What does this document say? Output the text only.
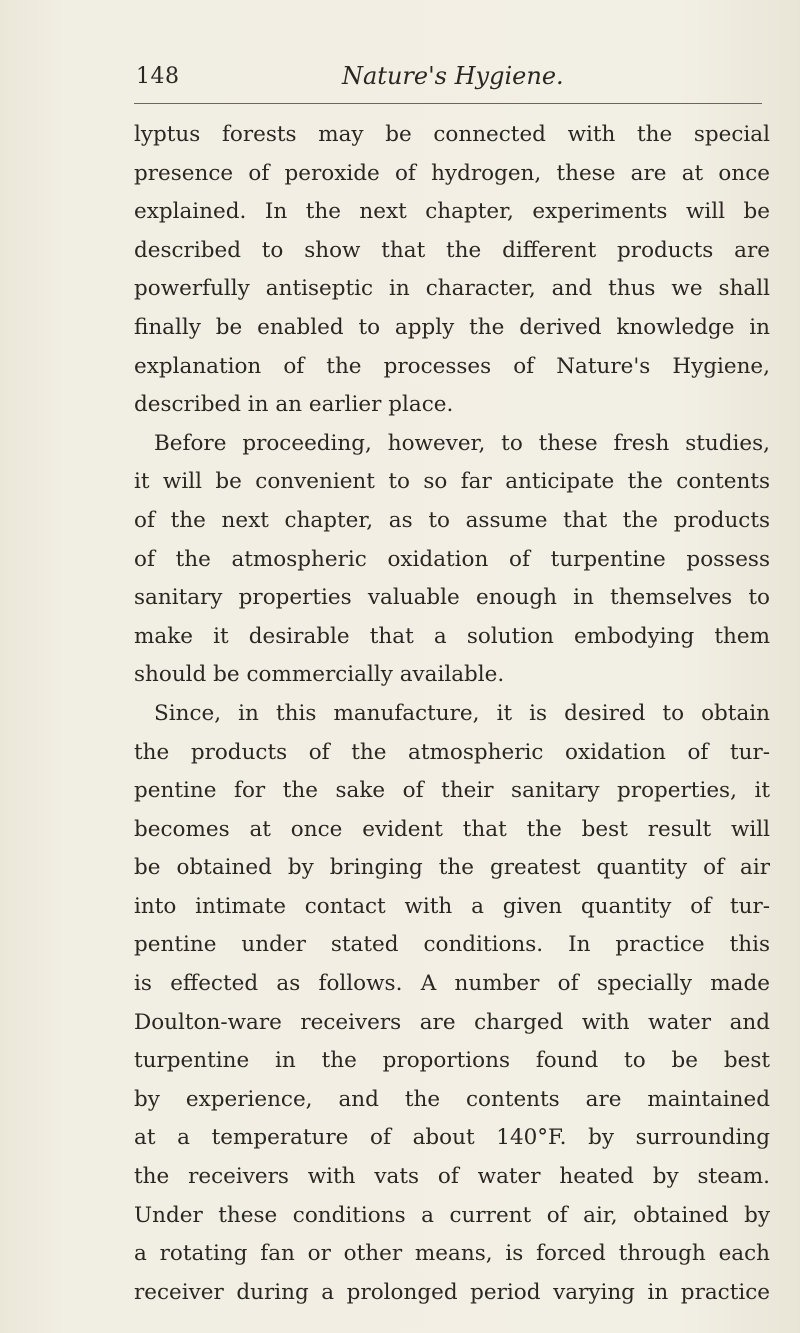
148	Nature's Hygiene.
lyptus forests may be connected with the special
presence of peroxide of hydrogen, these are at once
explained. In the next chapter, experiments will be
described to show that the different products are
powerfully antiseptic in character, and thus we shall
finally be enabled to apply the derived knowledge in
explanation of the processes of Nature's Hygiene,
described in an earlier place.
Before proceeding, however, to these fresh studies,
it will be convenient to so far anticipate the contents
of the next chapter, as to assume that the products
of the atmospheric oxidation of turpentine possess
sanitary properties valuable enough in themselves to
make it desirable that a solution embodying them
should be commercially available.
Since, in this manufacture, it is desired to obtain
the products of the atmospheric oxidation of tur-
pentine for the sake of their sanitary properties, it
becomes at once evident that the best result will
be obtained by bringing the greatest quantity of air
into intimate contact with a given quantity of tur-
pentine under stated conditions. In practice this
is effected as follows. A number of specially made
Doulton-ware receivers are charged with water and
turpentine in the proportions found to be best
by experience, and the contents are maintained
at a temperature of about 140°F. by surrounding
the receivers with vats of water heated by steam.
Under these conditions a current of air, obtained by
a rotating fan or other means, is forced through each
receiver during a prolonged period varying in practice
